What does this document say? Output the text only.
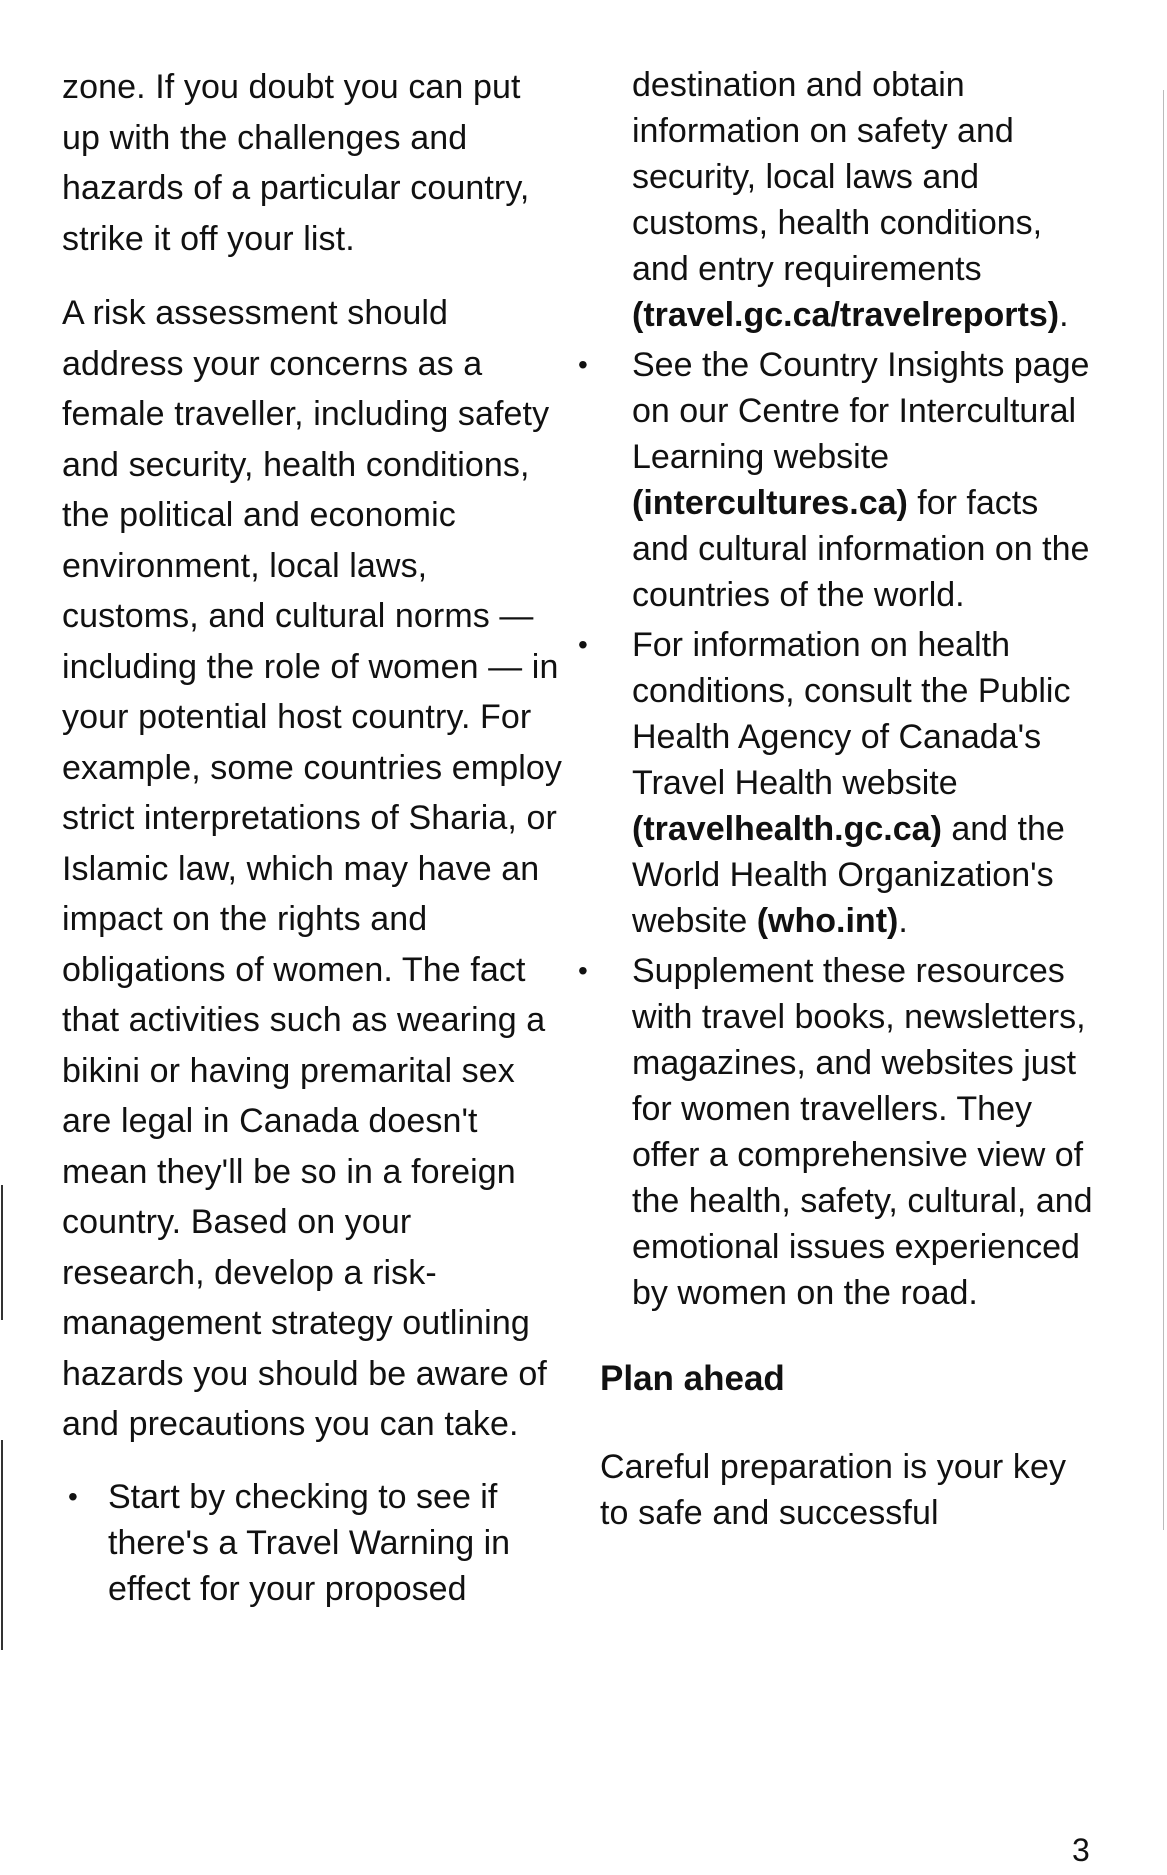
zone. If you doubt you can put up with the challenges and hazards of a particular country, strike it off your list.

A risk assessment should address your concerns as a female traveller, including safety and security, health conditions, the political and economic environment, local laws, customs, and cultural norms — including the role of women — in your potential host country. For example, some countries employ strict interpretations of Sharia, or Islamic law, which may have an impact on the rights and obligations of women. The fact that activities such as wearing a bikini or having premarital sex are legal in Canada doesn't mean they'll be so in a foreign country. Based on your research, develop a risk-management strategy outlining hazards you should be aware of and precautions you can take.

• Start by checking to see if there's a Travel Warning in effect for your proposed
destination and obtain information on safety and security, local laws and customs, health conditions, and entry requirements (travel.gc.ca/travelreports).
• See the Country Insights page on our Centre for Intercultural Learning website (intercultures.ca) for facts and cultural information on the countries of the world.
• For information on health conditions, consult the Public Health Agency of Canada's Travel Health website (travelhealth.gc.ca) and the World Health Organization's website (who.int).
• Supplement these resources with travel books, newsletters, magazines, and websites just for women travellers. They offer a comprehensive view of the health, safety, cultural, and emotional issues experienced by women on the road.
Plan ahead

Careful preparation is your key to safe and successful

3
